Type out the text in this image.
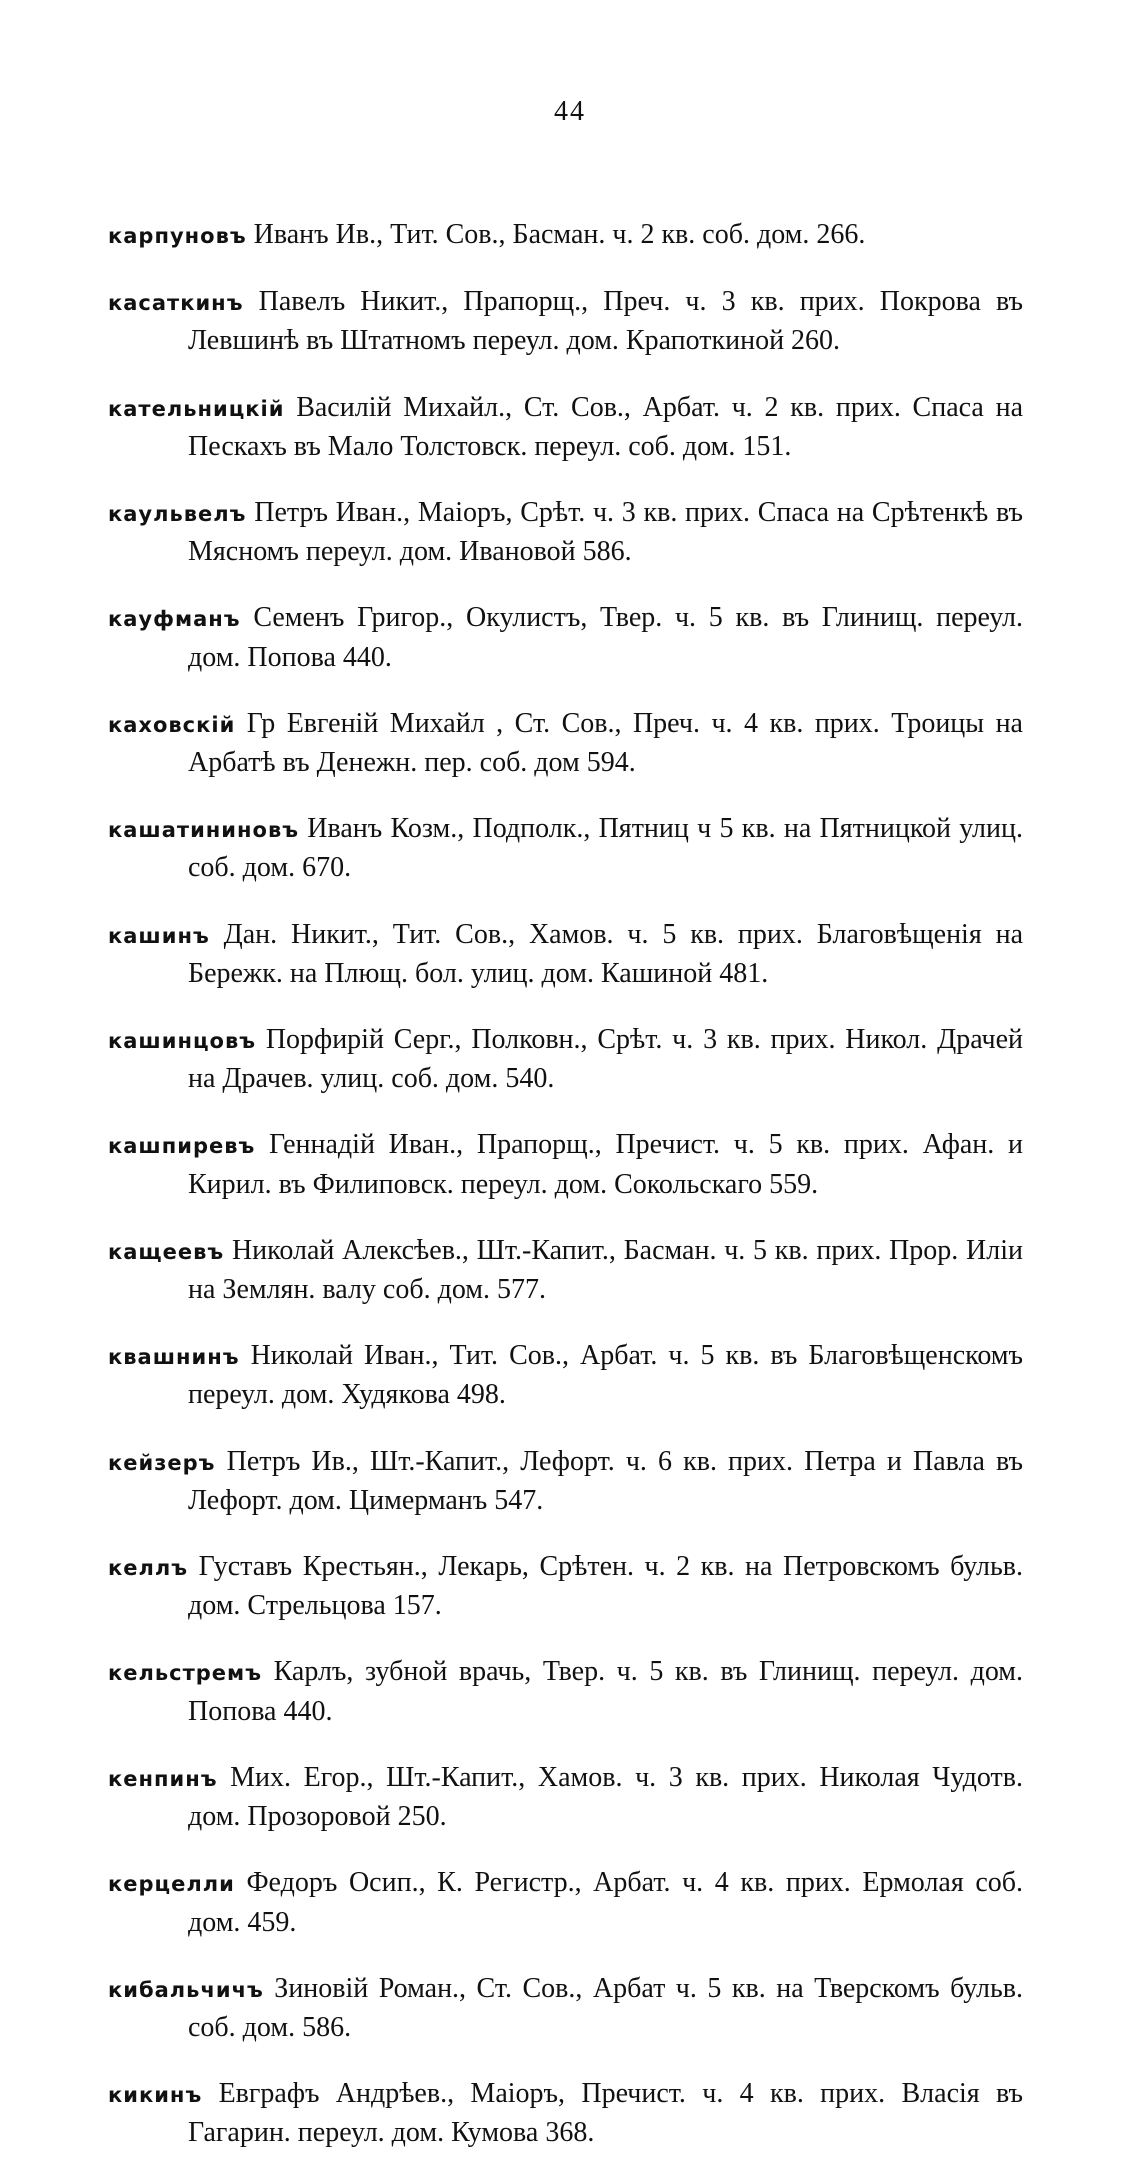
44

карпуновъ Иванъ Ив., Тит. Сов., Басман. ч. 2 кв. соб. дом. 266.

касаткинъ Павелъ Никит., Прапорщ., Преч. ч. 3 кв. прих. Покрова въ Левшинѣ въ Штатномъ переул. дом. Крапоткиной 260.

кательницкій Василій Михайл., Ст. Сов., Арбат. ч. 2 кв. прих. Спаса на Пескахъ въ Мало Толстовск. переул. соб. дом. 151.

каульвелъ Петръ Иван., Маіоръ, Срѣт. ч. 3 кв. прих. Спаса на Срѣтенкѣ въ Мясномъ переул. дом. Ивановой 586.

кауфманъ Семенъ Григор., Окулистъ, Твер. ч. 5 кв. въ Глинищ. переул. дом. Попова 440.

каховскій Гр Евгеній Михайл , Ст. Сов., Преч. ч. 4 кв. прих. Троицы на Арбатѣ въ Денежн. пер. соб. дом 594.

кашатининовъ Иванъ Козм., Подполк., Пятниц ч 5 кв. на Пятницкой улиц. соб. дом. 670.

кашинъ Дан. Никит., Тит. Сов., Хамов. ч. 5 кв. прих. Благовѣщенія на Бережк. на Плющ. бол. улиц. дом. Кашиной 481.

кашинцовъ Порфирій Серг., Полковн., Срѣт. ч. 3 кв. прих. Никол. Драчей на Драчев. улиц. соб. дом. 540.

кашпиревъ Геннадій Иван., Прапорщ., Пречист. ч. 5 кв. прих. Афан. и Кирил. въ Филиповск. переул. дом. Сокольскаго 559.

кащеевъ Николай Алексѣев., Шт.-Капит., Басман. ч. 5 кв. прих. Прор. Иліи на Землян. валу соб. дом. 577.

квашнинъ Николай Иван., Тит. Сов., Арбат. ч. 5 кв. въ Благовѣщенскомъ переул. дом. Худякова 498.

кейзеръ Петръ Ив., Шт.-Капит., Лефорт. ч. 6 кв. прих. Петра и Павла въ Лефорт. дом. Цимерманъ 547.

келлъ Густавъ Крестьян., Лекарь, Срѣтен. ч. 2 кв. на Петровскомъ бульв. дом. Стрельцова 157.

кельстремъ Карлъ, зубной врачь, Твер. ч. 5 кв. въ Глинищ. переул. дом. Попова 440.

кенпинъ Мих. Егор., Шт.-Капит., Хамов. ч. 3 кв. прих. Николая Чудотв. дом. Прозоровой 250.

керцелли Федоръ Осип., К. Регистр., Арбат. ч. 4 кв. прих. Ермолая соб. дом. 459.

кибальчичъ Зиновій Роман., Ст. Сов., Арбат ч. 5 кв. на Тверскомъ бульв. соб. дом. 586.

кикинъ Евграфъ Андрѣев., Маіоръ, Пречист. ч. 4 кв. прих. Власія въ Гагарин. переул. дом. Кумова 368.
